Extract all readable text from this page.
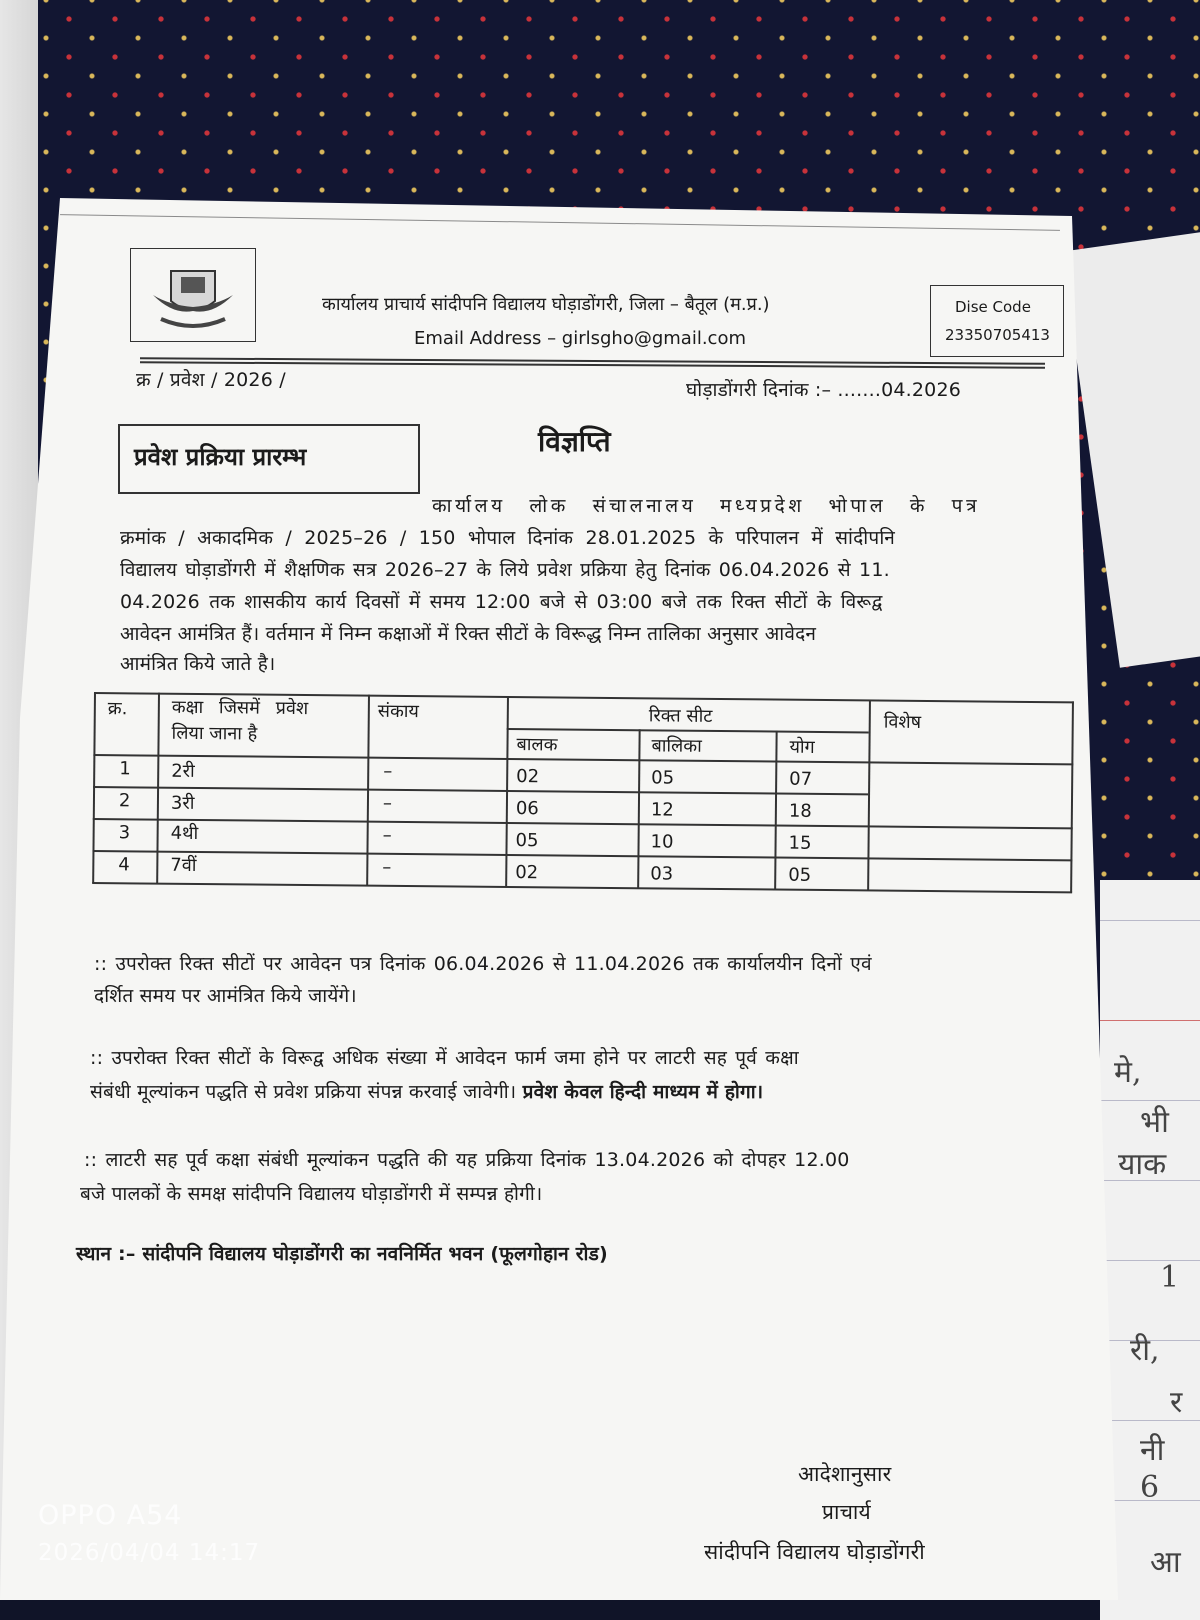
मे,
भी
याक
1
री,
र
नी
6
आ
कार्यालय प्राचार्य सांदीपनि विद्यालय घोड़ाडोंगरी, जिला – बैतूल (म.प्र.)
Email Address – girlsgho@gmail.com
Dise Code
23350705413
क्र / प्रवेश / 2026 /	घोड़ाडोंगरी दिनांक :– .......04.2026
प्रवेश प्रक्रिया प्रारम्भ	विज्ञप्ति
कार्यालय लोक संचालनालय मध्यप्रदेश भोपाल के पत्र
क्रमांक / अकादमिक / 2025–26 / 150 भोपाल दिनांक 28.01.2025 के परिपालन में सांदीपनि
विद्यालय घोड़ाडोंगरी में शैक्षणिक सत्र 2026–27 के लिये प्रवेश प्रक्रिया हेतु दिनांक 06.04.2026 से 11.
04.2026 तक शासकीय कार्य दिवसों में समय 12:00 बजे से 03:00 बजे तक रिक्त सीटों के विरूद्व
आवेदन आमंत्रित हैं। वर्तमान में निम्न कक्षाओं में रिक्त सीटों के विरूद्ध निम्न तालिका अनुसार आवेदन
आमंत्रित किये जाते है।
क्र. कक्षा जिसमें प्रवेश
लिया जाना है
संकाय	रिक्त सीट
बालक	बालिका	योग
विशेष
1 2री	–	02	05	07
2 3री	–	06	12	18
3 4थी	–	05	10	15
4 7वीं	–	02	03	05
:: उपरोक्त रिक्त सीटों पर आवेदन पत्र दिनांक 06.04.2026 से 11.04.2026 तक कार्यालयीन दिनों एवं
दर्शित समय पर आमंत्रित किये जायेंगे।
:: उपरोक्त रिक्त सीटों के विरूद्व अधिक संख्या में आवेदन फार्म जमा होने पर लाटरी सह पूर्व कक्षा
संबंधी मूल्यांकन पद्धति से प्रवेश प्रक्रिया संपन्न करवाई जावेगी। प्रवेश केवल हिन्दी माध्यम में होगा।
:: लाटरी सह पूर्व कक्षा संबंधी मूल्यांकन पद्धति की यह प्रक्रिया दिनांक 13.04.2026 को दोपहर 12.00
बजे पालकों के समक्ष सांदीपनि विद्यालय घोड़ाडोंगरी में सम्पन्न होगी।
स्थान :– सांदीपनि विद्यालय घोड़ाडोंगरी का नवनिर्मित भवन (फूलगोहान रोड)
आदेशानुसार
प्राचार्य
सांदीपनि विद्यालय घोड़ाडोंगरी
OPPO A54
2026/04/04 14:17
